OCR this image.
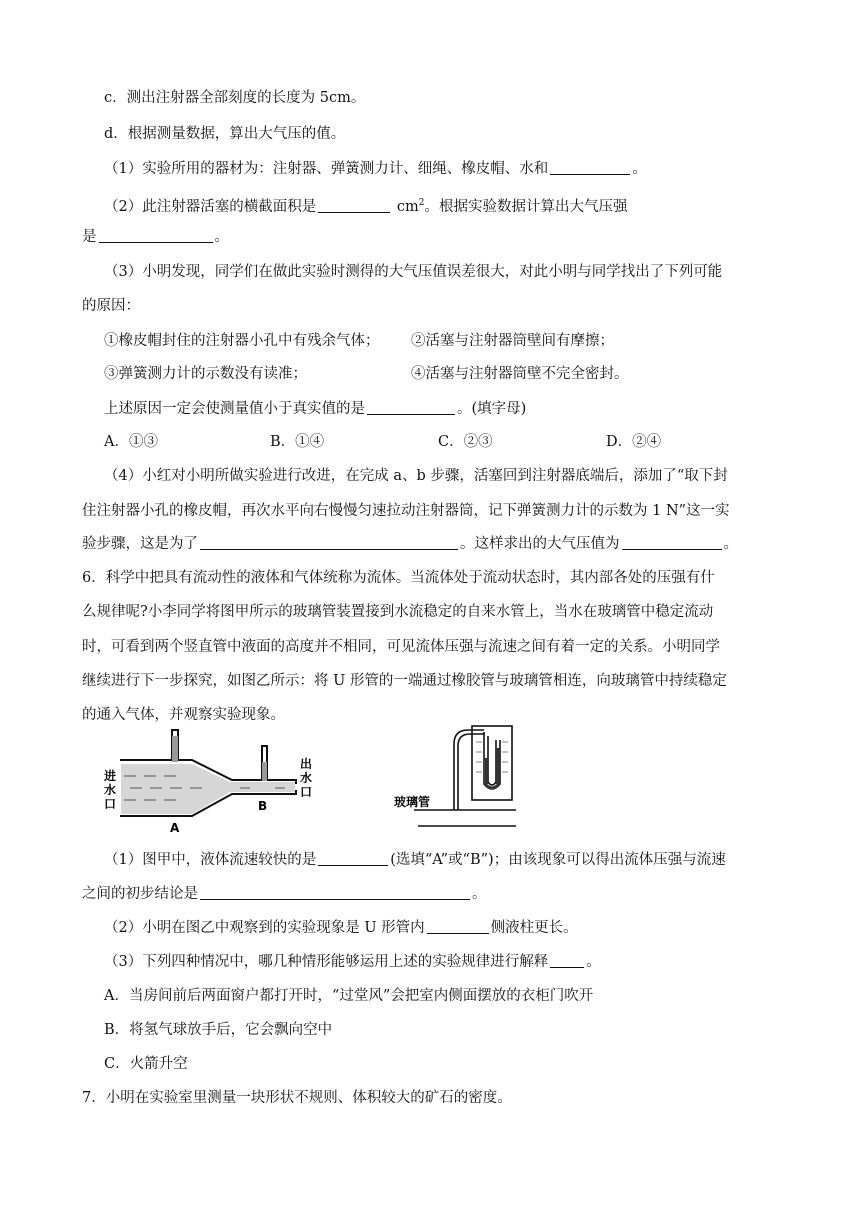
c．测出注射器全部刻度的长度为 5cm。
d．根据测量数据，算出大气压的值。
（1）实验所用的器材为：注射器、弹簧测力计、细绳、橡皮帽、水和	。
（2）此注射器活塞的横截面积是	$cm^2$。根据实验数据计算出大气压强
是	。
（3）小明发现，同学们在做此实验时测得的大气压值误差很大，对此小明与同学找出了下列可能
的原因：
①橡皮帽封住的注射器小孔中有残余气体； ②活塞与注射器筒壁间有摩擦；
③弹簧测力计的示数没有读准；	④活塞与注射器筒壁不完全密封。
上述原因一定会使测量值小于真实值的是	。(填字母)
A．①③	B．①④	C．②③	D．②④
（4）小红对小明所做实验进行改进，在完成 a、b 步骤，活塞回到注射器底端后，添加了“取下封
住注射器小孔的橡皮帽，再次水平向右慢慢匀速拉动注射器筒，记下弹簧测力计的示数为 1 N”这一实
验步骤，这是为了	。这样求出的大气压值为	。
6．科学中把具有流动性的液体和气体统称为流体。当流体处于流动状态时，其内部各处的压强有什
么规律呢?小李同学将图甲所示的玻璃管装置接到水流稳定的自来水管上，当水在玻璃管中稳定流动
时，可看到两个竖直管中液面的高度并不相同，可见流体压强与流速之间有着一定的关系。小明同学
继续进行下一步探究，如图乙所示：将 U 形管的一端通过橡胶管与玻璃管相连，向玻璃管中持续稳定
的通入气体，并观察实验现象。
进
水
口
出
水
口
A
B	玻璃管
（1）图甲中，液体流速较快的是	(选填“A”或“B”)；由该现象可以得出流体压强与流速
之间的初步结论是	。
（2）小明在图乙中观察到的实验现象是 U 形管内	侧液柱更长。
（3）下列四种情况中，哪几种情形能够运用上述的实验规律进行解释	。
A．当房间前后两面窗户都打开时，“过堂风”会把室内侧面摆放的衣柜门吹开
B．将氢气球放手后，它会飘向空中
C．火箭升空
7．小明在实验室里测量一块形状不规则、体积较大的矿石的密度。
